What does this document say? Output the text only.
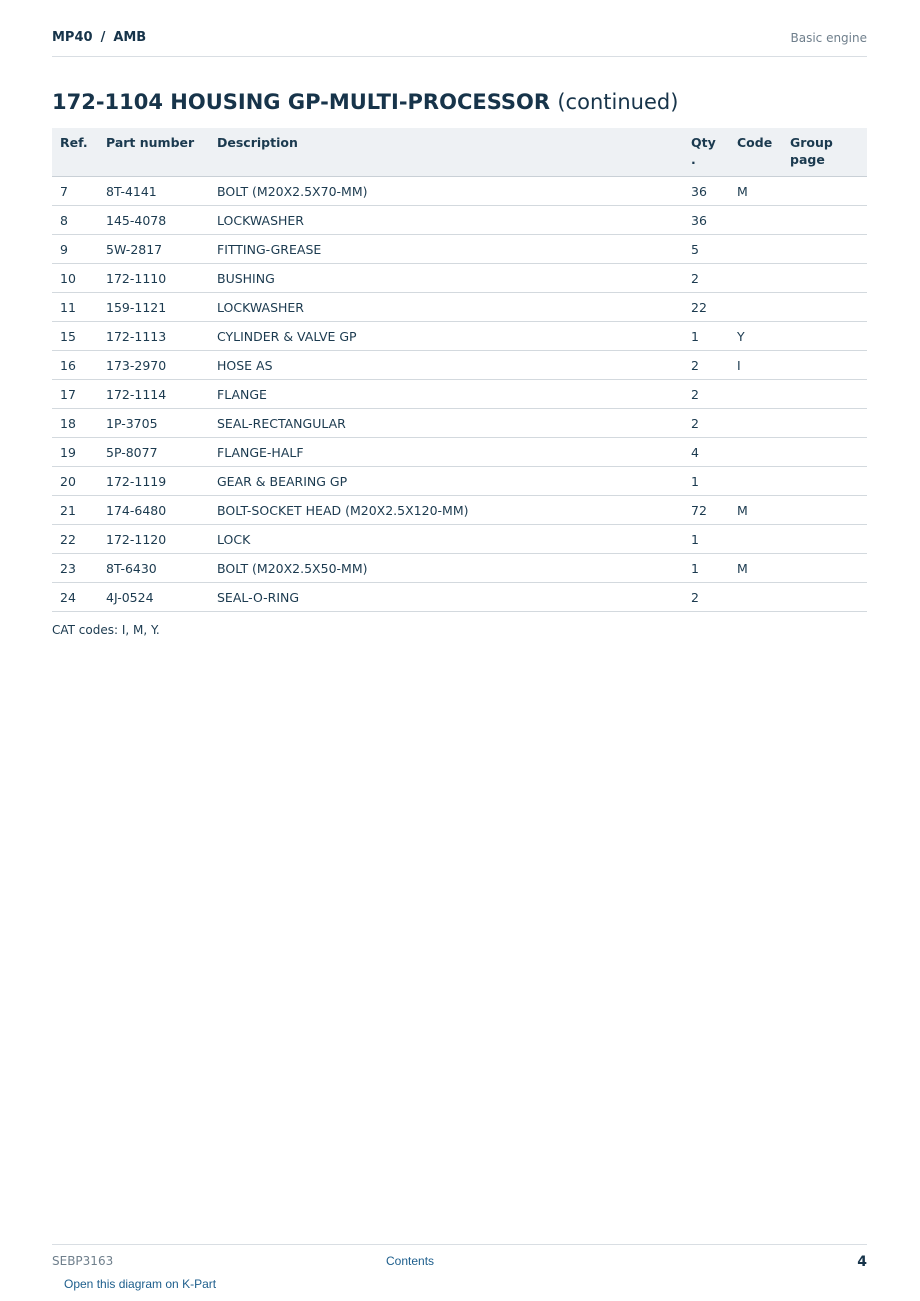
MP40 / AMB	Basic engine
172-1104 HOUSING GP-MULTI-PROCESSOR (continued)
Ref.	Part number	Description	Qty .	Code	Group page
7	8T-4141	BOLT (M20X2.5X70-MM)	36	M	
8	145-4078	LOCKWASHER	36		
9	5W-2817	FITTING-GREASE	5		
10	172-1110	BUSHING	2		
11	159-1121	LOCKWASHER	22		
15	172-1113	CYLINDER & VALVE GP	1	Y	
16	173-2970	HOSE AS	2	I	
17	172-1114	FLANGE	2		
18	1P-3705	SEAL-RECTANGULAR	2		
19	5P-8077	FLANGE-HALF	4		
20	172-1119	GEAR & BEARING GP	1		
21	174-6480	BOLT-SOCKET HEAD (M20X2.5X120-MM)	72	M	
22	172-1120	LOCK	1		
23	8T-6430	BOLT (M20X2.5X50-MM)	1	M	
24	4J-0524	SEAL-O-RING	2		
CAT codes: I, M, Y.
SEBP3163	Contents	4
Open this diagram on K-Part
